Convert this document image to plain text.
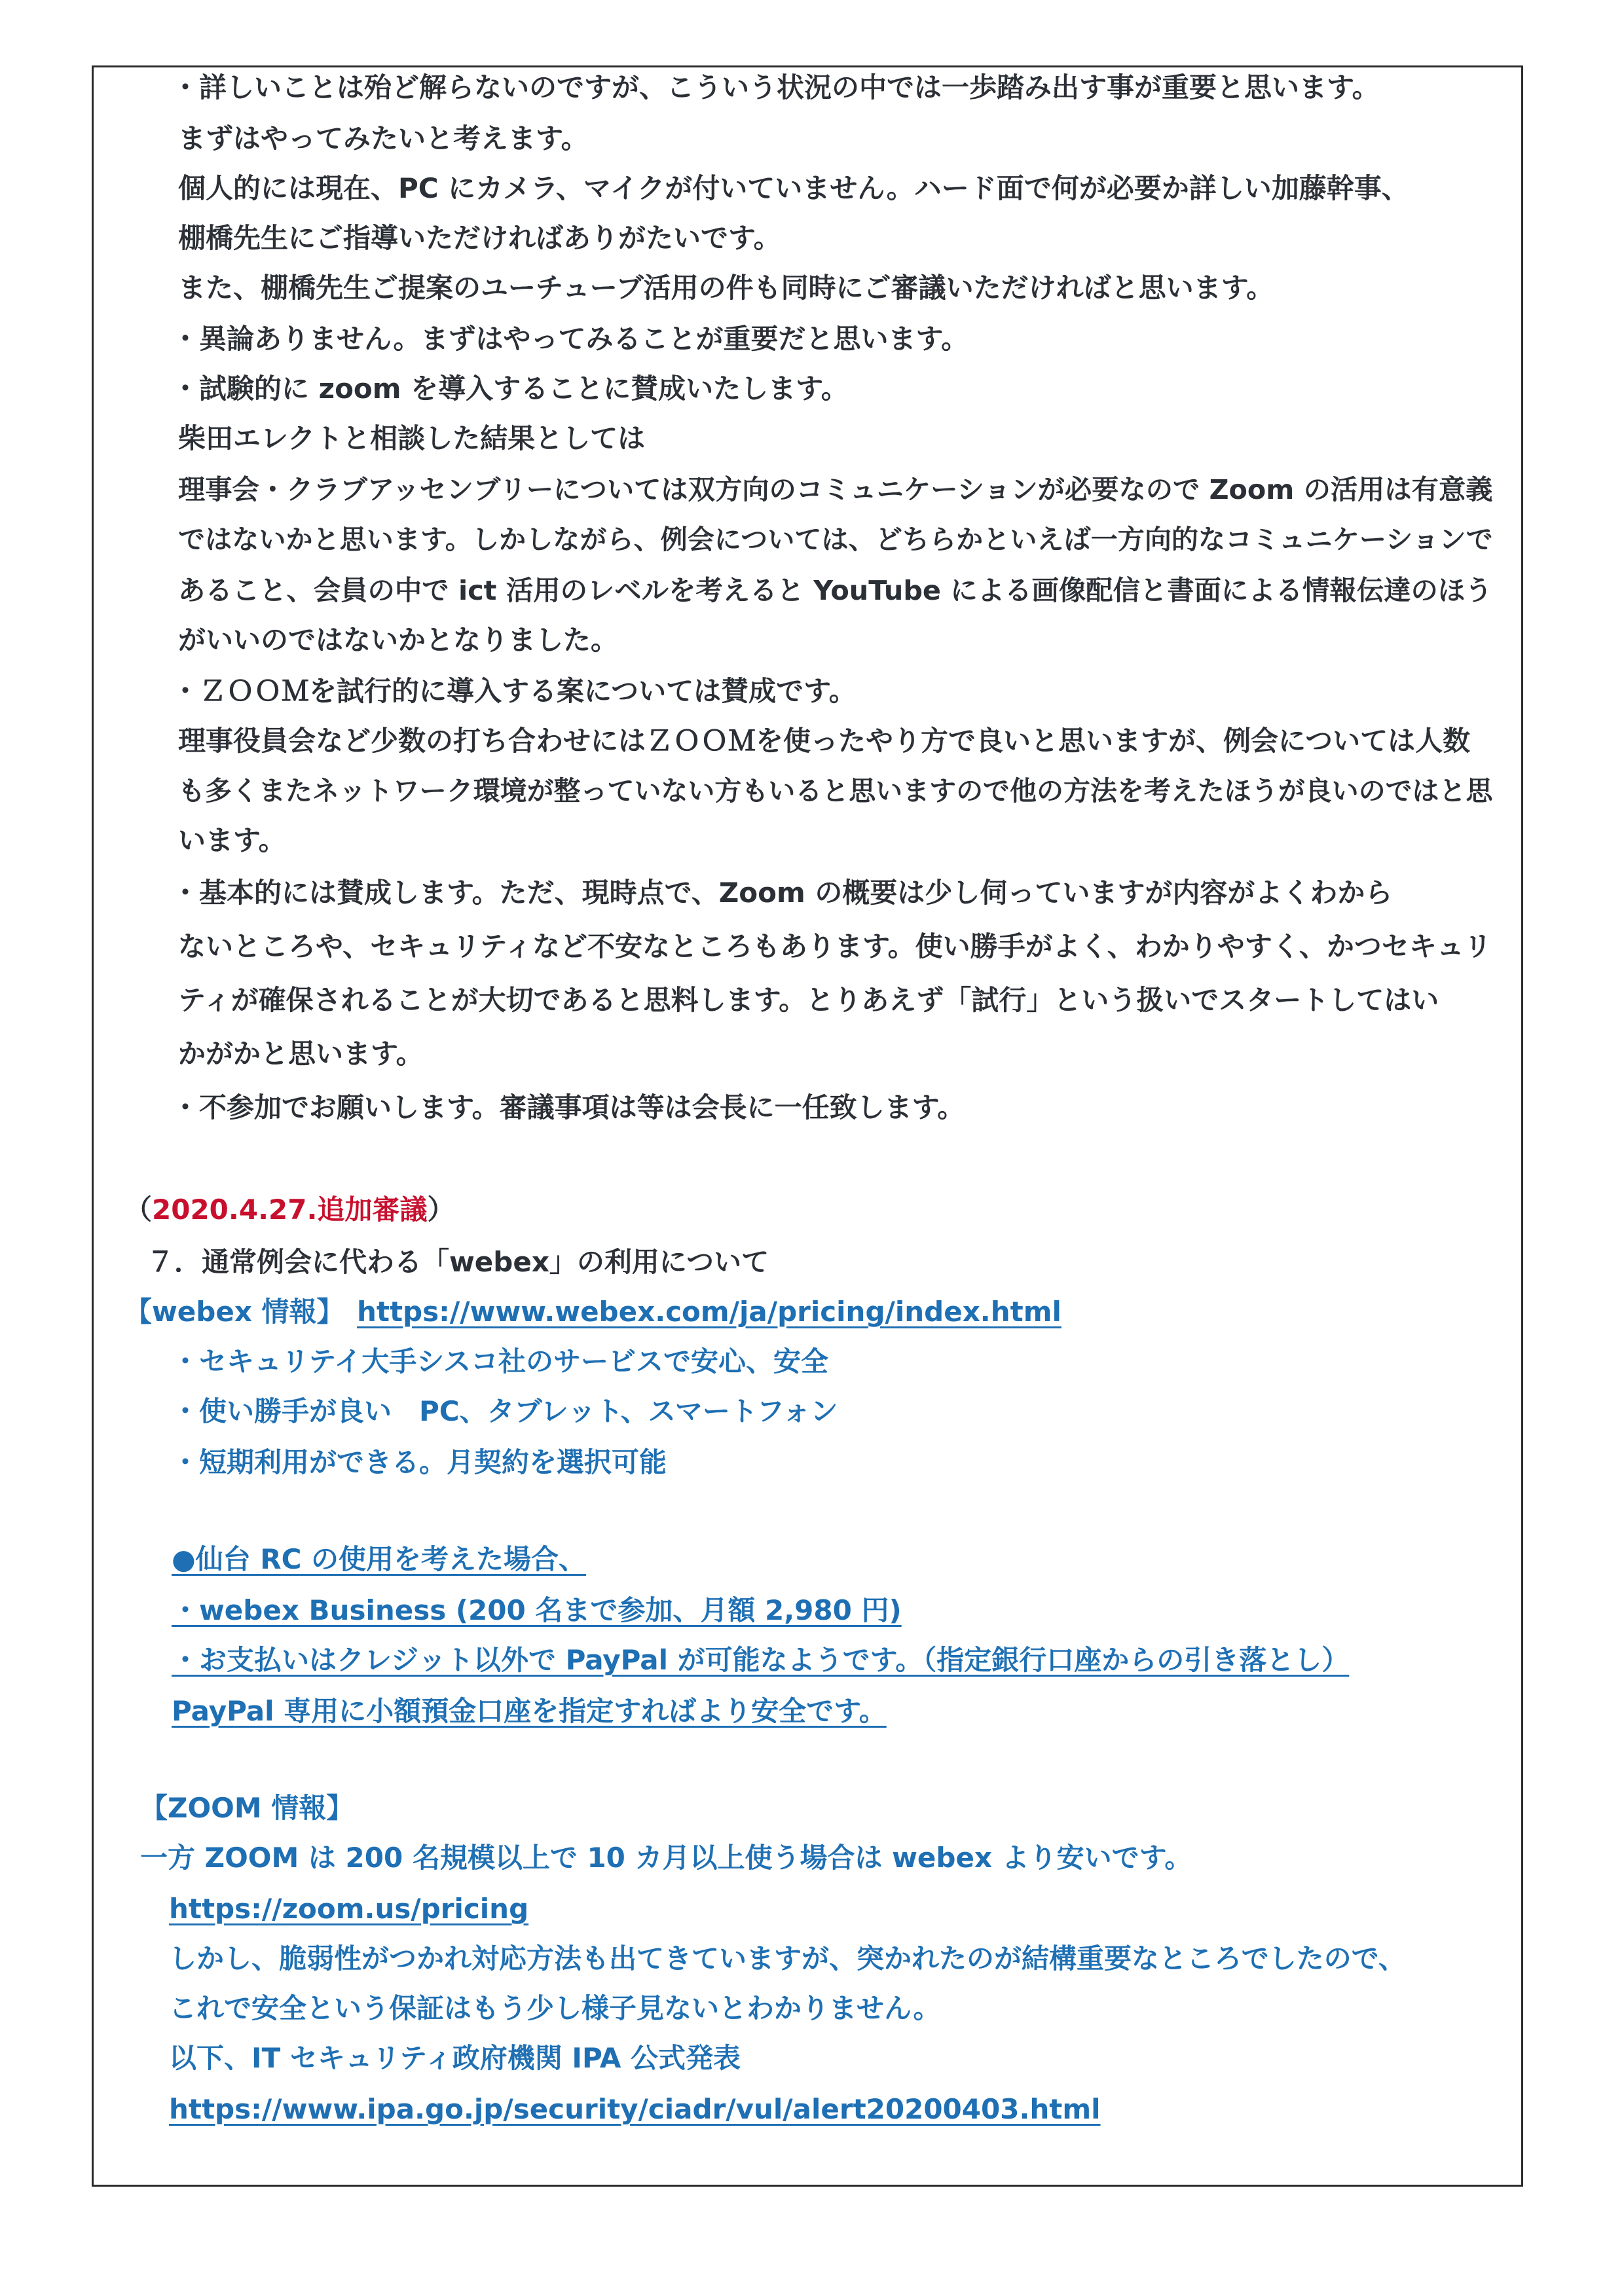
・詳しいことは殆ど解らないのですが、こういう状況の中では一歩踏み出す事が重要と思います。
まずはやってみたいと考えます。
個人的には現在、PC にカメラ、マイクが付いていません。ハード面で何が必要か詳しい加藤幹事、
棚橋先生にご指導いただければありがたいです。
また、棚橋先生ご提案のユーチューブ活用の件も同時にご審議いただければと思います。
・異論ありません。まずはやってみることが重要だと思います。
・試験的に zoom を導入することに賛成いたします。
柴田エレクトと相談した結果としては
理事会・クラブアッセンブリーについては双方向のコミュニケーションが必要なので Zoom の活用は有意義
ではないかと思います。しかしながら、例会については、どちらかといえば一方向的なコミュニケーションで
あること、会員の中で ict 活用のレベルを考えると YouTube による画像配信と書面による情報伝達のほう
がいいのではないかとなりました。
・ＺＯＯＭを試行的に導入する案については賛成です。
理事役員会など少数の打ち合わせにはＺＯＯＭを使ったやり方で良いと思いますが、例会については人数
も多くまたネットワーク環境が整っていない方もいると思いますので他の方法を考えたほうが良いのではと思
います。
・基本的には賛成します。ただ、現時点で、Zoom の概要は少し伺っていますが内容がよくわから
ないところや、セキュリティなど不安なところもあります。使い勝手がよく、わかりやすく、かつセキュリ
ティが確保されることが大切であると思料します。とりあえず「試行」という扱いでスタートしてはい
かがかと思います。
・不参加でお願いします。審議事項は等は会長に一任致します。
（2020.4.27.追加審議）
７．通常例会に代わる「webex」の利用について
【webex 情報】 https://www.webex.com/ja/pricing/index.html
・セキュリテイ大手シスコ社のサービスで安心、安全
・使い勝手が良い　PC、タブレット、スマートフォン
・短期利用ができる。月契約を選択可能
●仙台 RC の使用を考えた場合、
・webex Business (200 名まで参加、月額 2,980 円)
・お支払いはクレジット以外で PayPal が可能なようです。（指定銀行口座からの引き落とし）
PayPal 専用に小額預金口座を指定すればより安全です。
【ZOOM 情報】
一方 ZOOM は 200 名規模以上で 10 カ月以上使う場合は webex より安いです。
https://zoom.us/pricing
しかし、脆弱性がつかれ対応方法も出てきていますが、突かれたのが結構重要なところでしたので、
これで安全という保証はもう少し様子見ないとわかりません。
以下、IT セキュリティ政府機関 IPA 公式発表
https://www.ipa.go.jp/security/ciadr/vul/alert20200403.html
